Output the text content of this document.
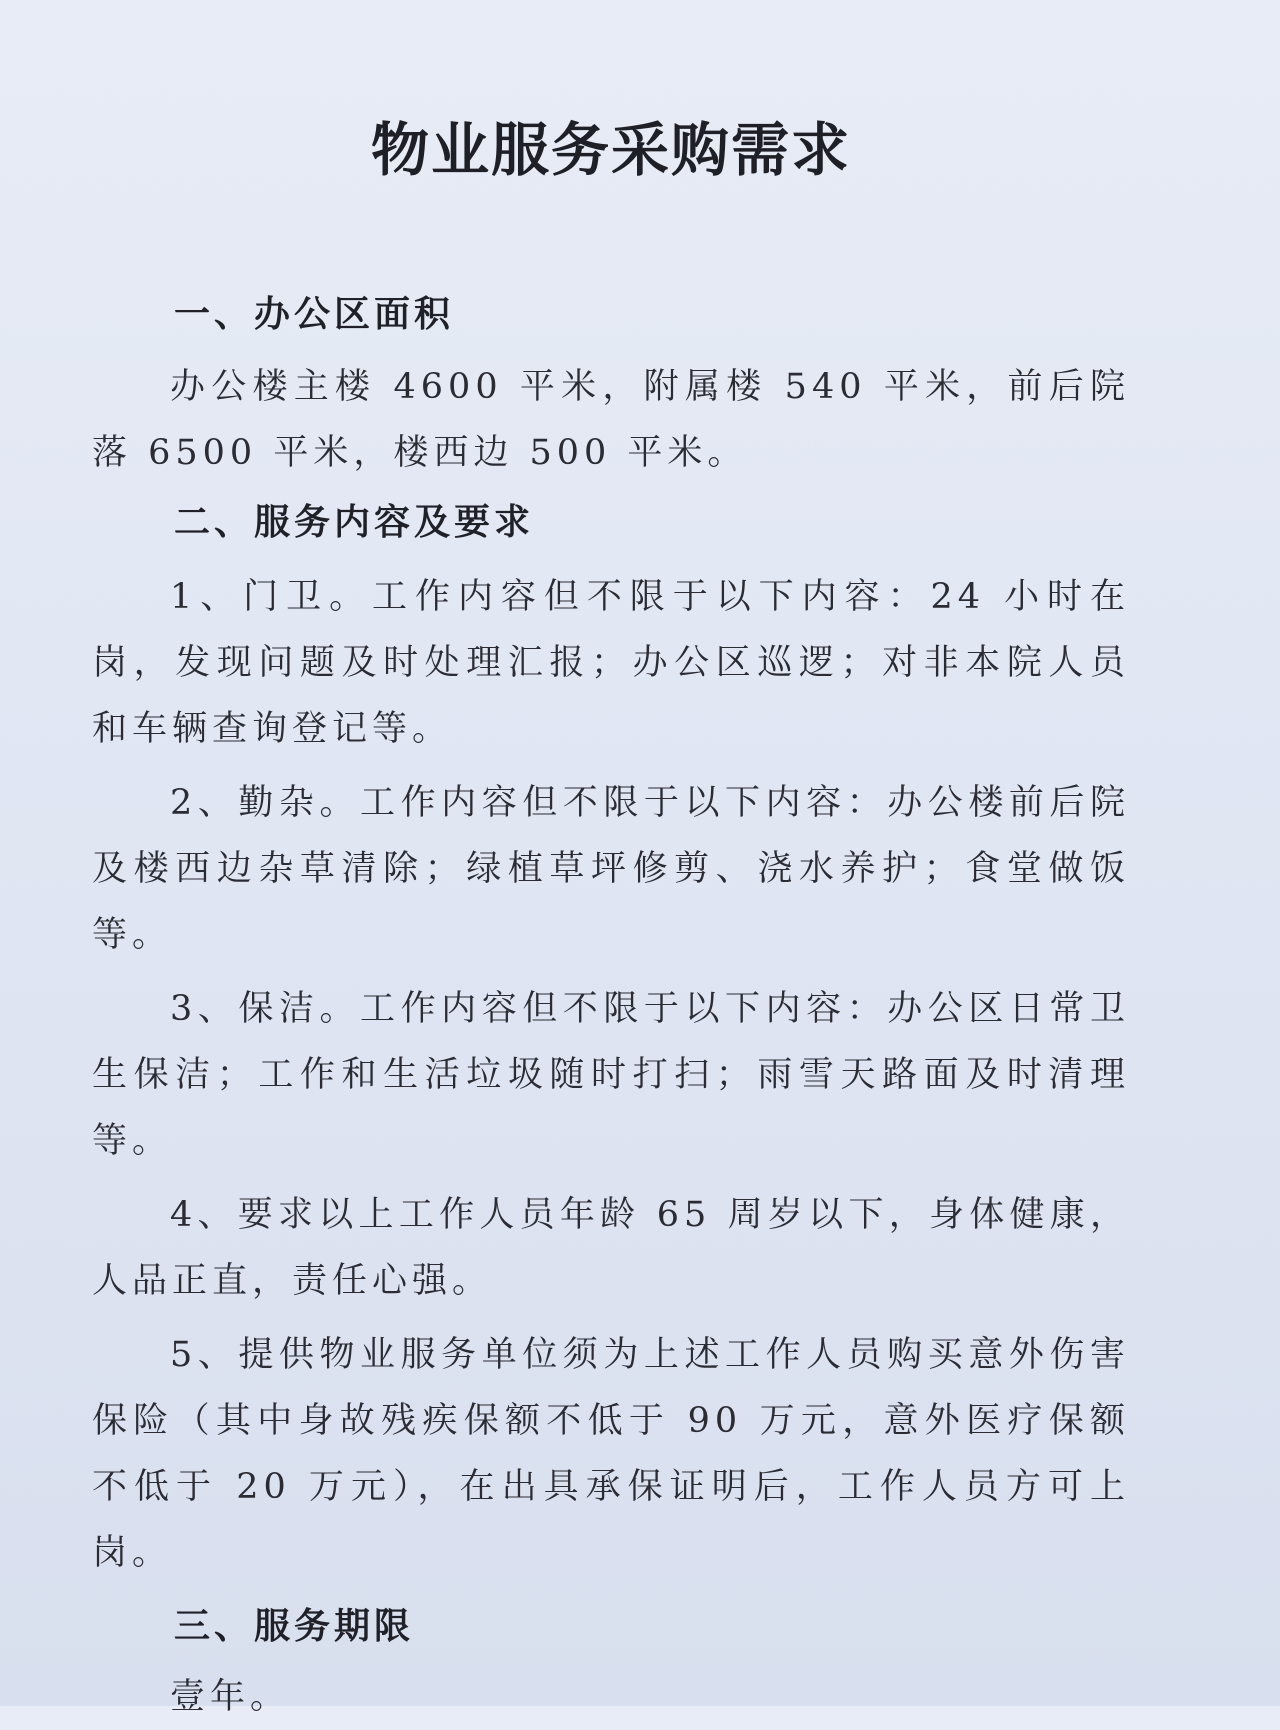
物业服务采购需求
一、办公区面积

办公楼主楼 4600 平米，附属楼 540 平米，前后院落 6500 平米，楼西边 500 平米。

二、服务内容及要求

1、门卫。工作内容但不限于以下内容：24 小时在岗，发现问题及时处理汇报；办公区巡逻；对非本院人员和车辆查询登记等。

2、勤杂。工作内容但不限于以下内容：办公楼前后院及楼西边杂草清除；绿植草坪修剪、浇水养护；食堂做饭等。

3、保洁。工作内容但不限于以下内容：办公区日常卫生保洁；工作和生活垃圾随时打扫；雨雪天路面及时清理等。

4、要求以上工作人员年龄 65 周岁以下，身体健康，人品正直，责任心强。

5、提供物业服务单位须为上述工作人员购买意外伤害保险（其中身故残疾保额不低于 90 万元，意外医疗保额不低于 20 万元），在出具承保证明后，工作人员方可上岗。

三、服务期限

壹年。
